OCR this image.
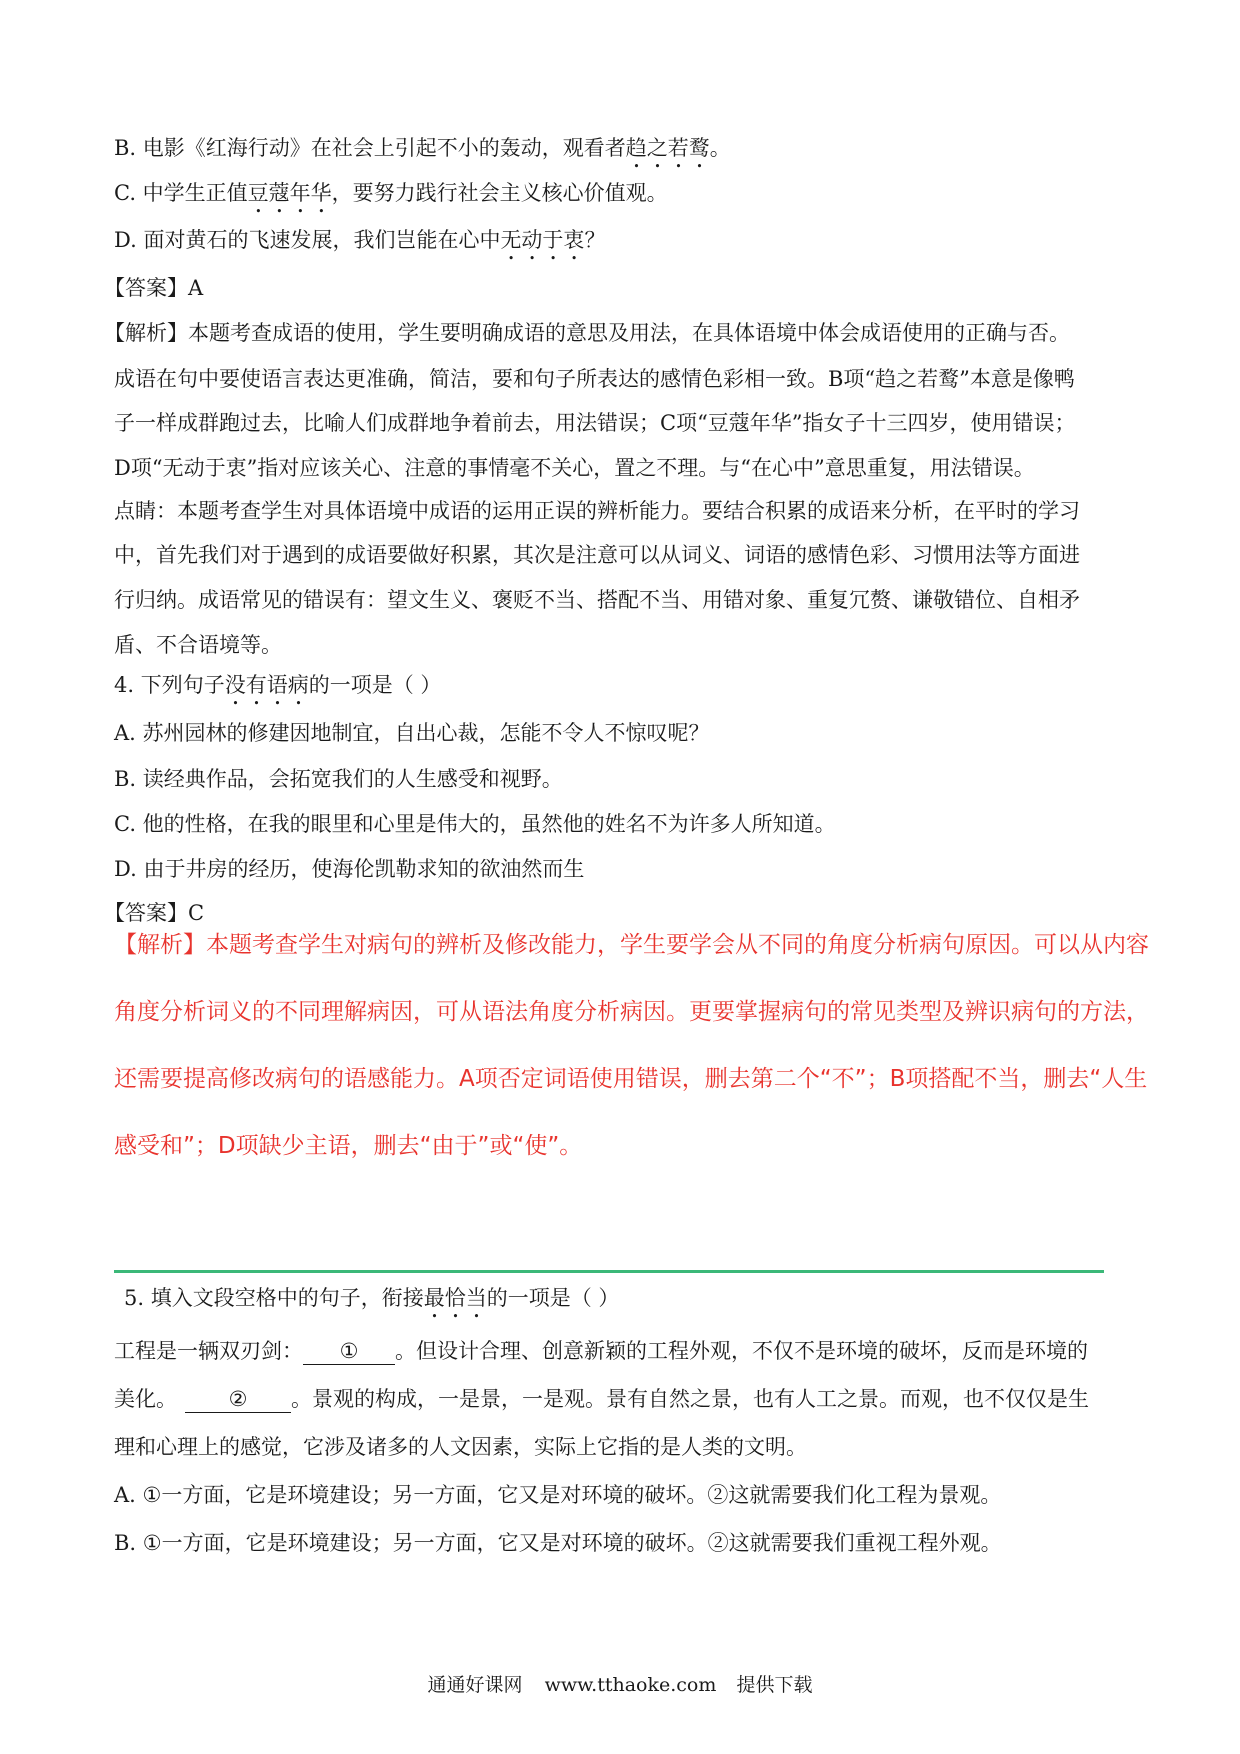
B. 电影《红海行动》在社会上引起不小的轰动，观看者趋之若鹜。
C. 中学生正值豆蔻年华，要努力践行社会主义核心价值观。
D. 面对黄石的飞速发展，我们岂能在心中无动于衷？
【答案】A
【解析】本题考查成语的使用，学生要明确成语的意思及用法，在具体语境中体会成语使用的正确与否。
成语在句中要使语言表达更准确，简洁，要和句子所表达的感情色彩相一致。B项“趋之若鹜”本意是像鸭
子一样成群跑过去，比喻人们成群地争着前去，用法错误；C项“豆蔻年华”指女子十三四岁，使用错误；
D项“无动于衷”指对应该关心、注意的事情毫不关心，置之不理。与“在心中”意思重复，用法错误。
点睛：本题考查学生对具体语境中成语的运用正误的辨析能力。要结合积累的成语来分析，在平时的学习
中，首先我们对于遇到的成语要做好积累，其次是注意可以从词义、词语的感情色彩、习惯用法等方面进
行归纳。成语常见的错误有：望文生义、褒贬不当、搭配不当、用错对象、重复冗赘、谦敬错位、自相矛
盾、不合语境等。
4. 下列句子没有语病的一项是（ ）
A. 苏州园林的修建因地制宜，自出心裁，怎能不令人不惊叹呢？
B. 读经典作品，会拓宽我们的人生感受和视野。
C. 他的性格，在我的眼里和心里是伟大的，虽然他的姓名不为许多人所知道。
D. 由于井房的经历，使海伦凯勒求知的欲油然而生
【答案】C
【解析】本题考查学生对病句的辨析及修改能力，学生要学会从不同的角度分析病句原因。可以从内容
角度分析词义的不同理解病因，可从语法角度分析病因。更要掌握病句的常见类型及辨识病句的方法，
还需要提高修改病句的语感能力。A项否定词语使用错误，删去第二个“不”；B项搭配不当，删去“人生
感受和”；D项缺少主语，删去“由于”或“使”。
5. 填入文段空格中的句子，衔接最恰当的一项是（ ）
工程是一辆双刃剑： ① 。但设计合理、创意新颖的工程外观，不仅不是环境的破坏，反而是环境的
美化。 ② 。景观的构成，一是景，一是观。景有自然之景，也有人工之景。而观，也不仅仅是生
理和心理上的感觉，它涉及诸多的人文因素，实际上它指的是人类的文明。
A. ①一方面，它是环境建设；另一方面，它又是对环境的破坏。②这就需要我们化工程为景观。
B. ①一方面，它是环境建设；另一方面，它又是对环境的破坏。②这就需要我们重视工程外观。
通通好课网 www.tthaoke.com 提供下载
